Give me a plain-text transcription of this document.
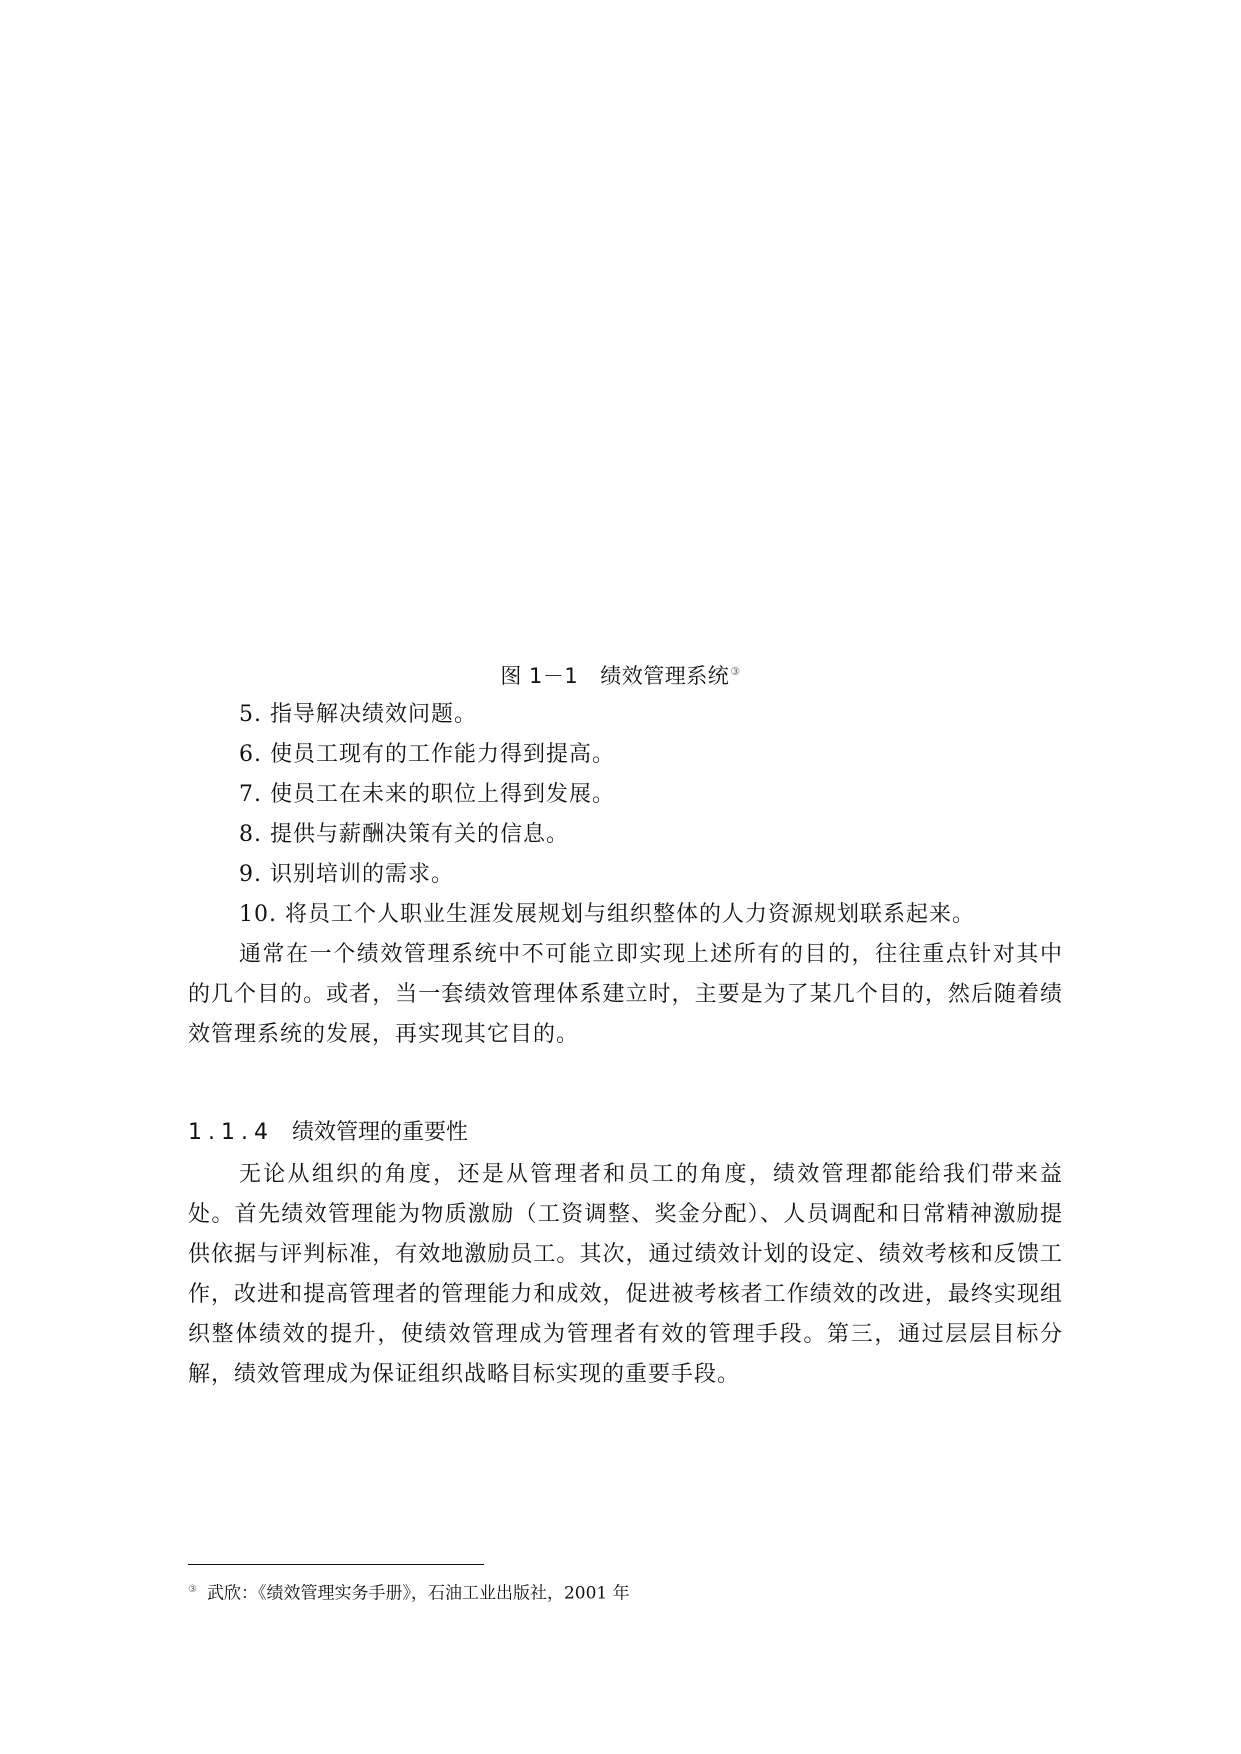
图 1－1 绩效管理系统③
5. 指导解决绩效问题。
6. 使员工现有的工作能力得到提高。
7. 使员工在未来的职位上得到发展。
8. 提供与薪酬决策有关的信息。
9. 识别培训的需求。
10. 将员工个人职业生涯发展规划与组织整体的人力资源规划联系起来。

通常在一个绩效管理系统中不可能立即实现上述所有的目的，往往重点针对其中的几个目的。或者，当一套绩效管理体系建立时，主要是为了某几个目的，然后随着绩效管理系统的发展，再实现其它目的。

1.1.4 绩效管理的重要性

无论从组织的角度，还是从管理者和员工的角度，绩效管理都能给我们带来益处。首先绩效管理能为物质激励（工资调整、奖金分配）、人员调配和日常精神激励提供依据与评判标准，有效地激励员工。其次，通过绩效计划的设定、绩效考核和反馈工作，改进和提高管理者的管理能力和成效，促进被考核者工作绩效的改进，最终实现组织整体绩效的提升，使绩效管理成为管理者有效的管理手段。第三，通过层层目标分解，绩效管理成为保证组织战略目标实现的重要手段。

③ 武欣：《绩效管理实务手册》，石油工业出版社，2001 年
